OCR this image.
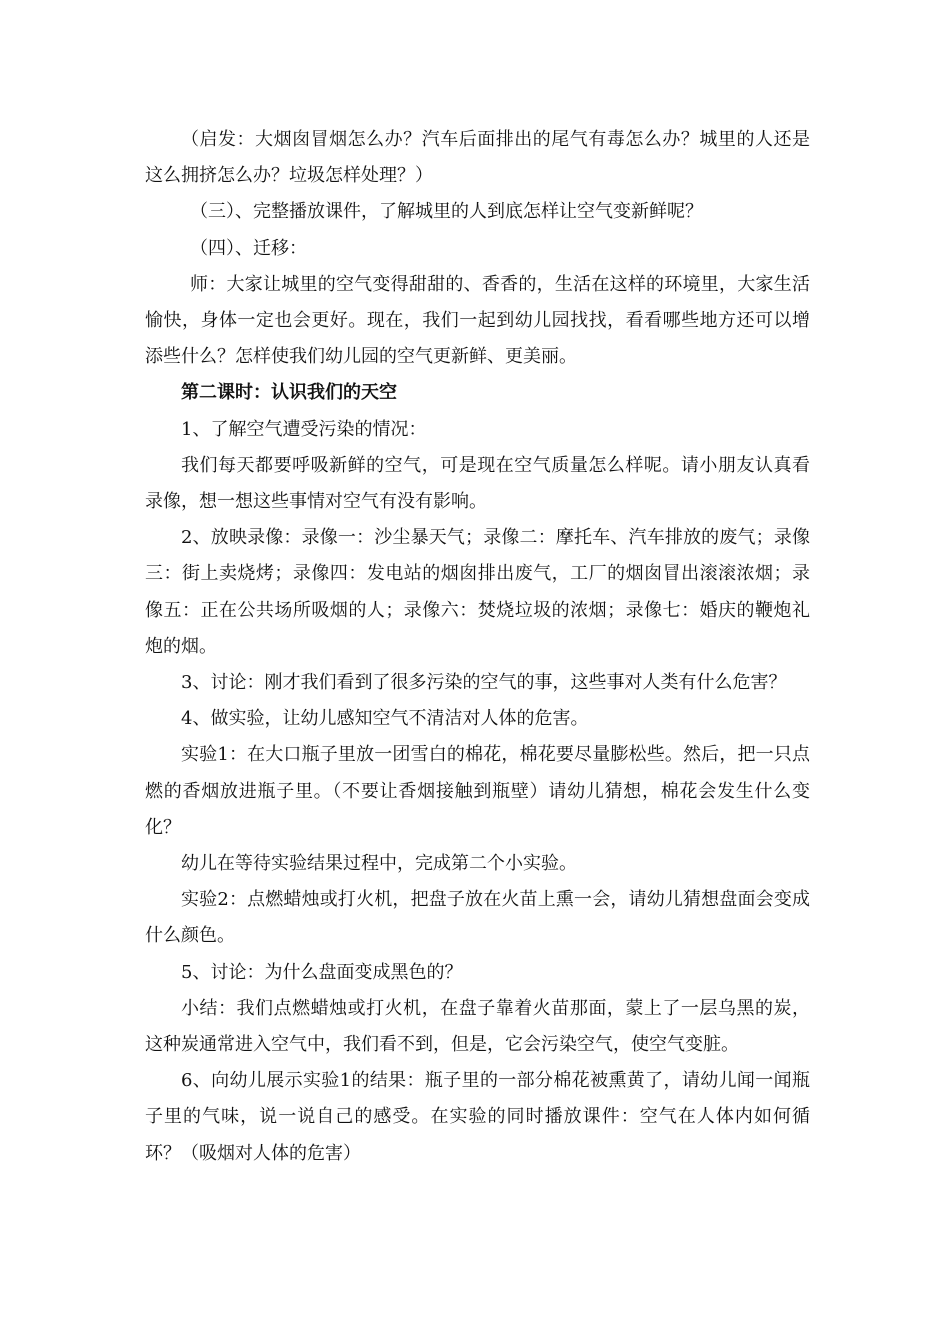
（启发：大烟囱冒烟怎么办？汽车后面排出的尾气有毒怎么办？城里的人还是这么拥挤怎么办？垃圾怎样处理？）

（三）、完整播放课件，了解城里的人到底怎样让空气变新鲜呢？

（四）、迁移：

师：大家让城里的空气变得甜甜的、香香的，生活在这样的环境里，大家生活愉快，身体一定也会更好。现在，我们一起到幼儿园找找，看看哪些地方还可以增添些什么？怎样使我们幼儿园的空气更新鲜、更美丽。

第二课时：认识我们的天空

1、了解空气遭受污染的情况：

我们每天都要呼吸新鲜的空气，可是现在空气质量怎么样呢。请小朋友认真看录像，想一想这些事情对空气有没有影响。

2、放映录像：录像一：沙尘暴天气；录像二：摩托车、汽车排放的废气；录像三：街上卖烧烤；录像四：发电站的烟囱排出废气，工厂的烟囱冒出滚滚浓烟；录像五：正在公共场所吸烟的人；录像六：焚烧垃圾的浓烟；录像七：婚庆的鞭炮礼炮的烟。

3、讨论：刚才我们看到了很多污染的空气的事，这些事对人类有什么危害？

4、做实验，让幼儿感知空气不清洁对人体的危害。

实验1：在大口瓶子里放一团雪白的棉花，棉花要尽量膨松些。然后，把一只点燃的香烟放进瓶子里。（不要让香烟接触到瓶壁）请幼儿猜想，棉花会发生什么变化？

幼儿在等待实验结果过程中，完成第二个小实验。

实验2：点燃蜡烛或打火机，把盘子放在火苗上熏一会，请幼儿猜想盘面会变成什么颜色。

5、讨论：为什么盘面变成黑色的？

小结：我们点燃蜡烛或打火机，在盘子靠着火苗那面，蒙上了一层乌黑的炭，这种炭通常进入空气中，我们看不到，但是，它会污染空气，使空气变脏。

6、向幼儿展示实验1的结果：瓶子里的一部分棉花被熏黄了，请幼儿闻一闻瓶子里的气味，说一说自己的感受。在实验的同时播放课件：空气在人体内如何循环？（吸烟对人体的危害）
